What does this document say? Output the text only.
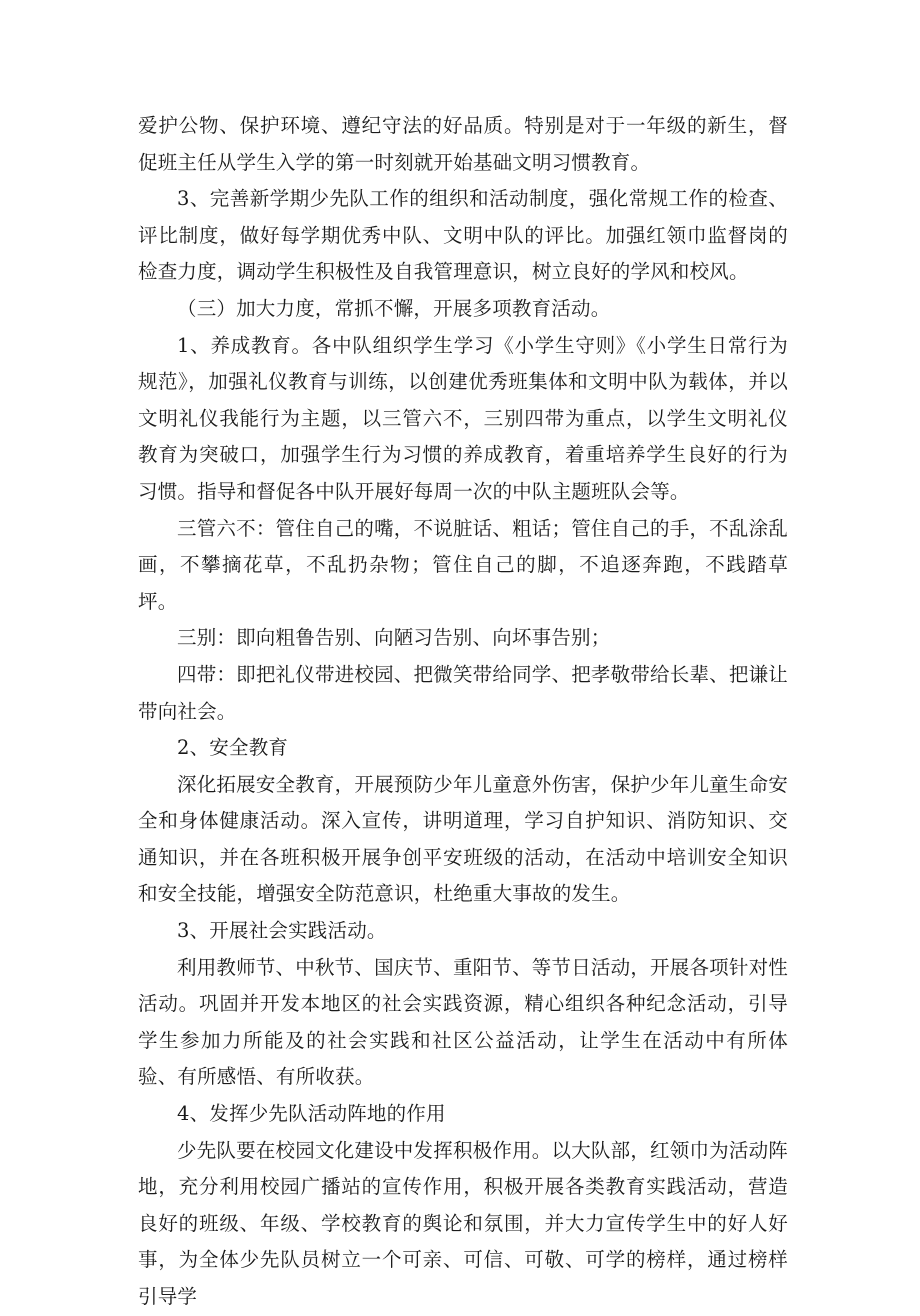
爱护公物、保护环境、遵纪守法的好品质。特别是对于一年级的新生，督促班主任从学生入学的第一时刻就开始基础文明习惯教育。

3、完善新学期少先队工作的组织和活动制度，强化常规工作的检查、评比制度，做好每学期优秀中队、文明中队的评比。加强红领巾监督岗的检查力度，调动学生积极性及自我管理意识，树立良好的学风和校风。

（三）加大力度，常抓不懈，开展多项教育活动。

1、养成教育。各中队组织学生学习《小学生守则》《小学生日常行为规范》，加强礼仪教育与训练，以创建优秀班集体和文明中队为载体，并以文明礼仪我能行为主题，以三管六不，三别四带为重点，以学生文明礼仪教育为突破口，加强学生行为习惯的养成教育，着重培养学生良好的行为习惯。指导和督促各中队开展好每周一次的中队主题班队会等。

三管六不：管住自己的嘴，不说脏话、粗话；管住自己的手，不乱涂乱画，不攀摘花草，不乱扔杂物；管住自己的脚，不追逐奔跑，不践踏草坪。

三别：即向粗鲁告别、向陋习告别、向坏事告别；

四带：即把礼仪带进校园、把微笑带给同学、把孝敬带给长辈、把谦让带向社会。

2、安全教育

深化拓展安全教育，开展预防少年儿童意外伤害，保护少年儿童生命安全和身体健康活动。深入宣传，讲明道理，学习自护知识、消防知识、交通知识，并在各班积极开展争创平安班级的活动，在活动中培训安全知识和安全技能，增强安全防范意识，杜绝重大事故的发生。

3、开展社会实践活动。

利用教师节、中秋节、国庆节、重阳节、等节日活动，开展各项针对性活动。巩固并开发本地区的社会实践资源，精心组织各种纪念活动，引导学生参加力所能及的社会实践和社区公益活动，让学生在活动中有所体验、有所感悟、有所收获。

4、发挥少先队活动阵地的作用

少先队要在校园文化建设中发挥积极作用。以大队部，红领巾为活动阵地，充分利用校园广播站的宣传作用，积极开展各类教育实践活动，营造良好的班级、年级、学校教育的舆论和氛围，并大力宣传学生中的好人好事，为全体少先队员树立一个可亲、可信、可敬、可学的榜样，通过榜样引导学
